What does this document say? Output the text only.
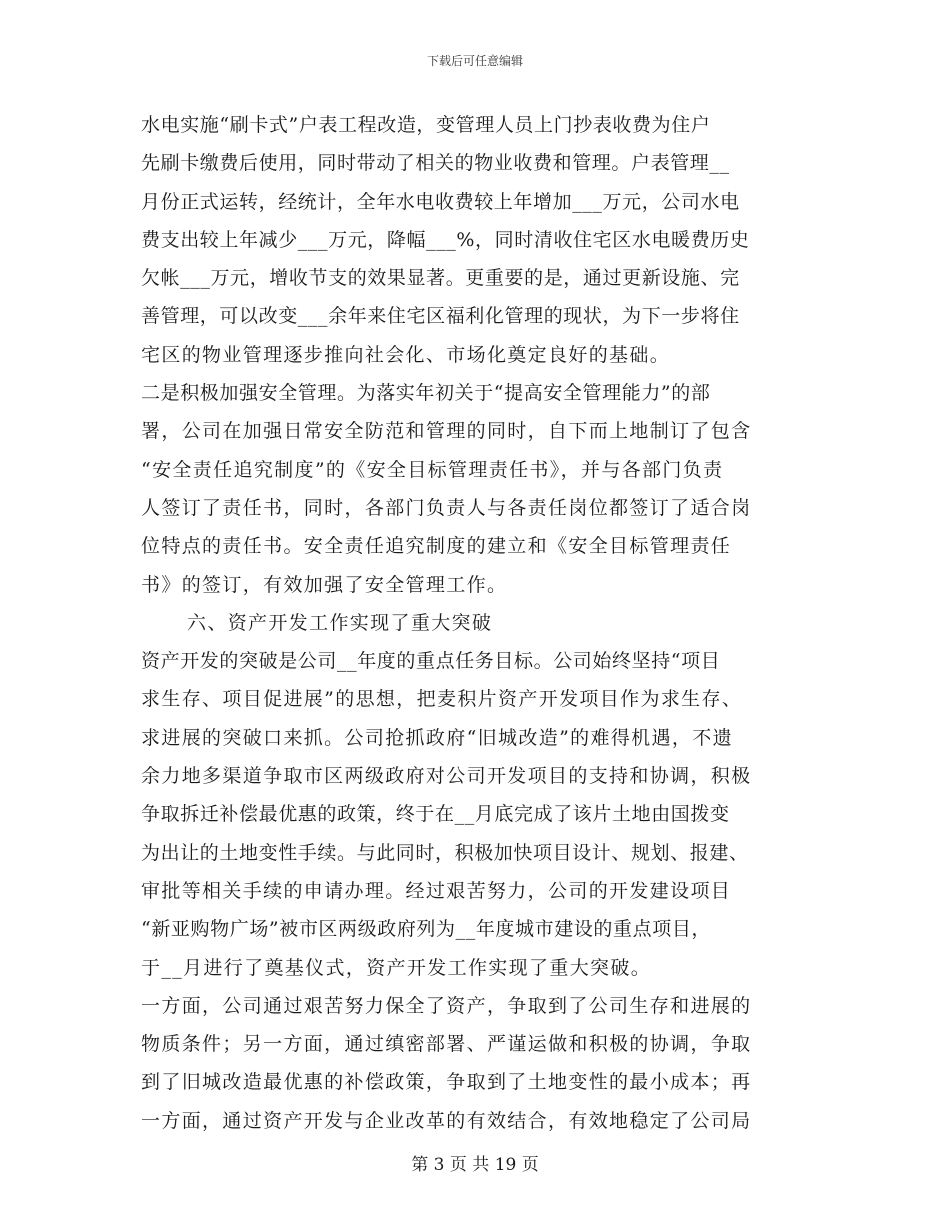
下载后可任意编辑
水电实施“刷卡式”户表工程改造，变管理人员上门抄表收费为住户
先刷卡缴费后使用，同时带动了相关的物业收费和管理。户表管理__
月份正式运转，经统计，全年水电收费较上年增加___万元，公司水电
费支出较上年减少___万元，降幅___%，同时清收住宅区水电暖费历史
欠帐___万元，增收节支的效果显著。更重要的是，通过更新设施、完
善管理，可以改变___余年来住宅区福利化管理的现状，为下一步将住
宅区的物业管理逐步推向社会化、市场化奠定良好的基础。
二是积极加强安全管理。为落实年初关于“提高安全管理能力”的部
署，公司在加强日常安全防范和管理的同时，自下而上地制订了包含
“安全责任追究制度”的《安全目标管理责任书》，并与各部门负责
人签订了责任书，同时，各部门负责人与各责任岗位都签订了适合岗
位特点的责任书。安全责任追究制度的建立和《安全目标管理责任
书》的签订，有效加强了安全管理工作。
六、资产开发工作实现了重大突破
资产开发的突破是公司__年度的重点任务目标。公司始终坚持“项目
求生存、项目促进展”的思想，把麦积片资产开发项目作为求生存、
求进展的突破口来抓。公司抢抓政府“旧城改造”的难得机遇，不遗
余力地多渠道争取市区两级政府对公司开发项目的支持和协调，积极
争取拆迁补偿最优惠的政策，终于在__月底完成了该片土地由国拨变
为出让的土地变性手续。与此同时，积极加快项目设计、规划、报建、
审批等相关手续的申请办理。经过艰苦努力，公司的开发建设项目
“新亚购物广场”被市区两级政府列为__年度城市建设的重点项目，
于__月进行了奠基仪式，资产开发工作实现了重大突破。
一方面，公司通过艰苦努力保全了资产，争取到了公司生存和进展的
物质条件；另一方面，通过缜密部署、严谨运做和积极的协调，争取
到了旧城改造最优惠的补偿政策，争取到了土地变性的最小成本；再
一方面，通过资产开发与企业改革的有效结合，有效地稳定了公司局
第 3 页 共 19 页
